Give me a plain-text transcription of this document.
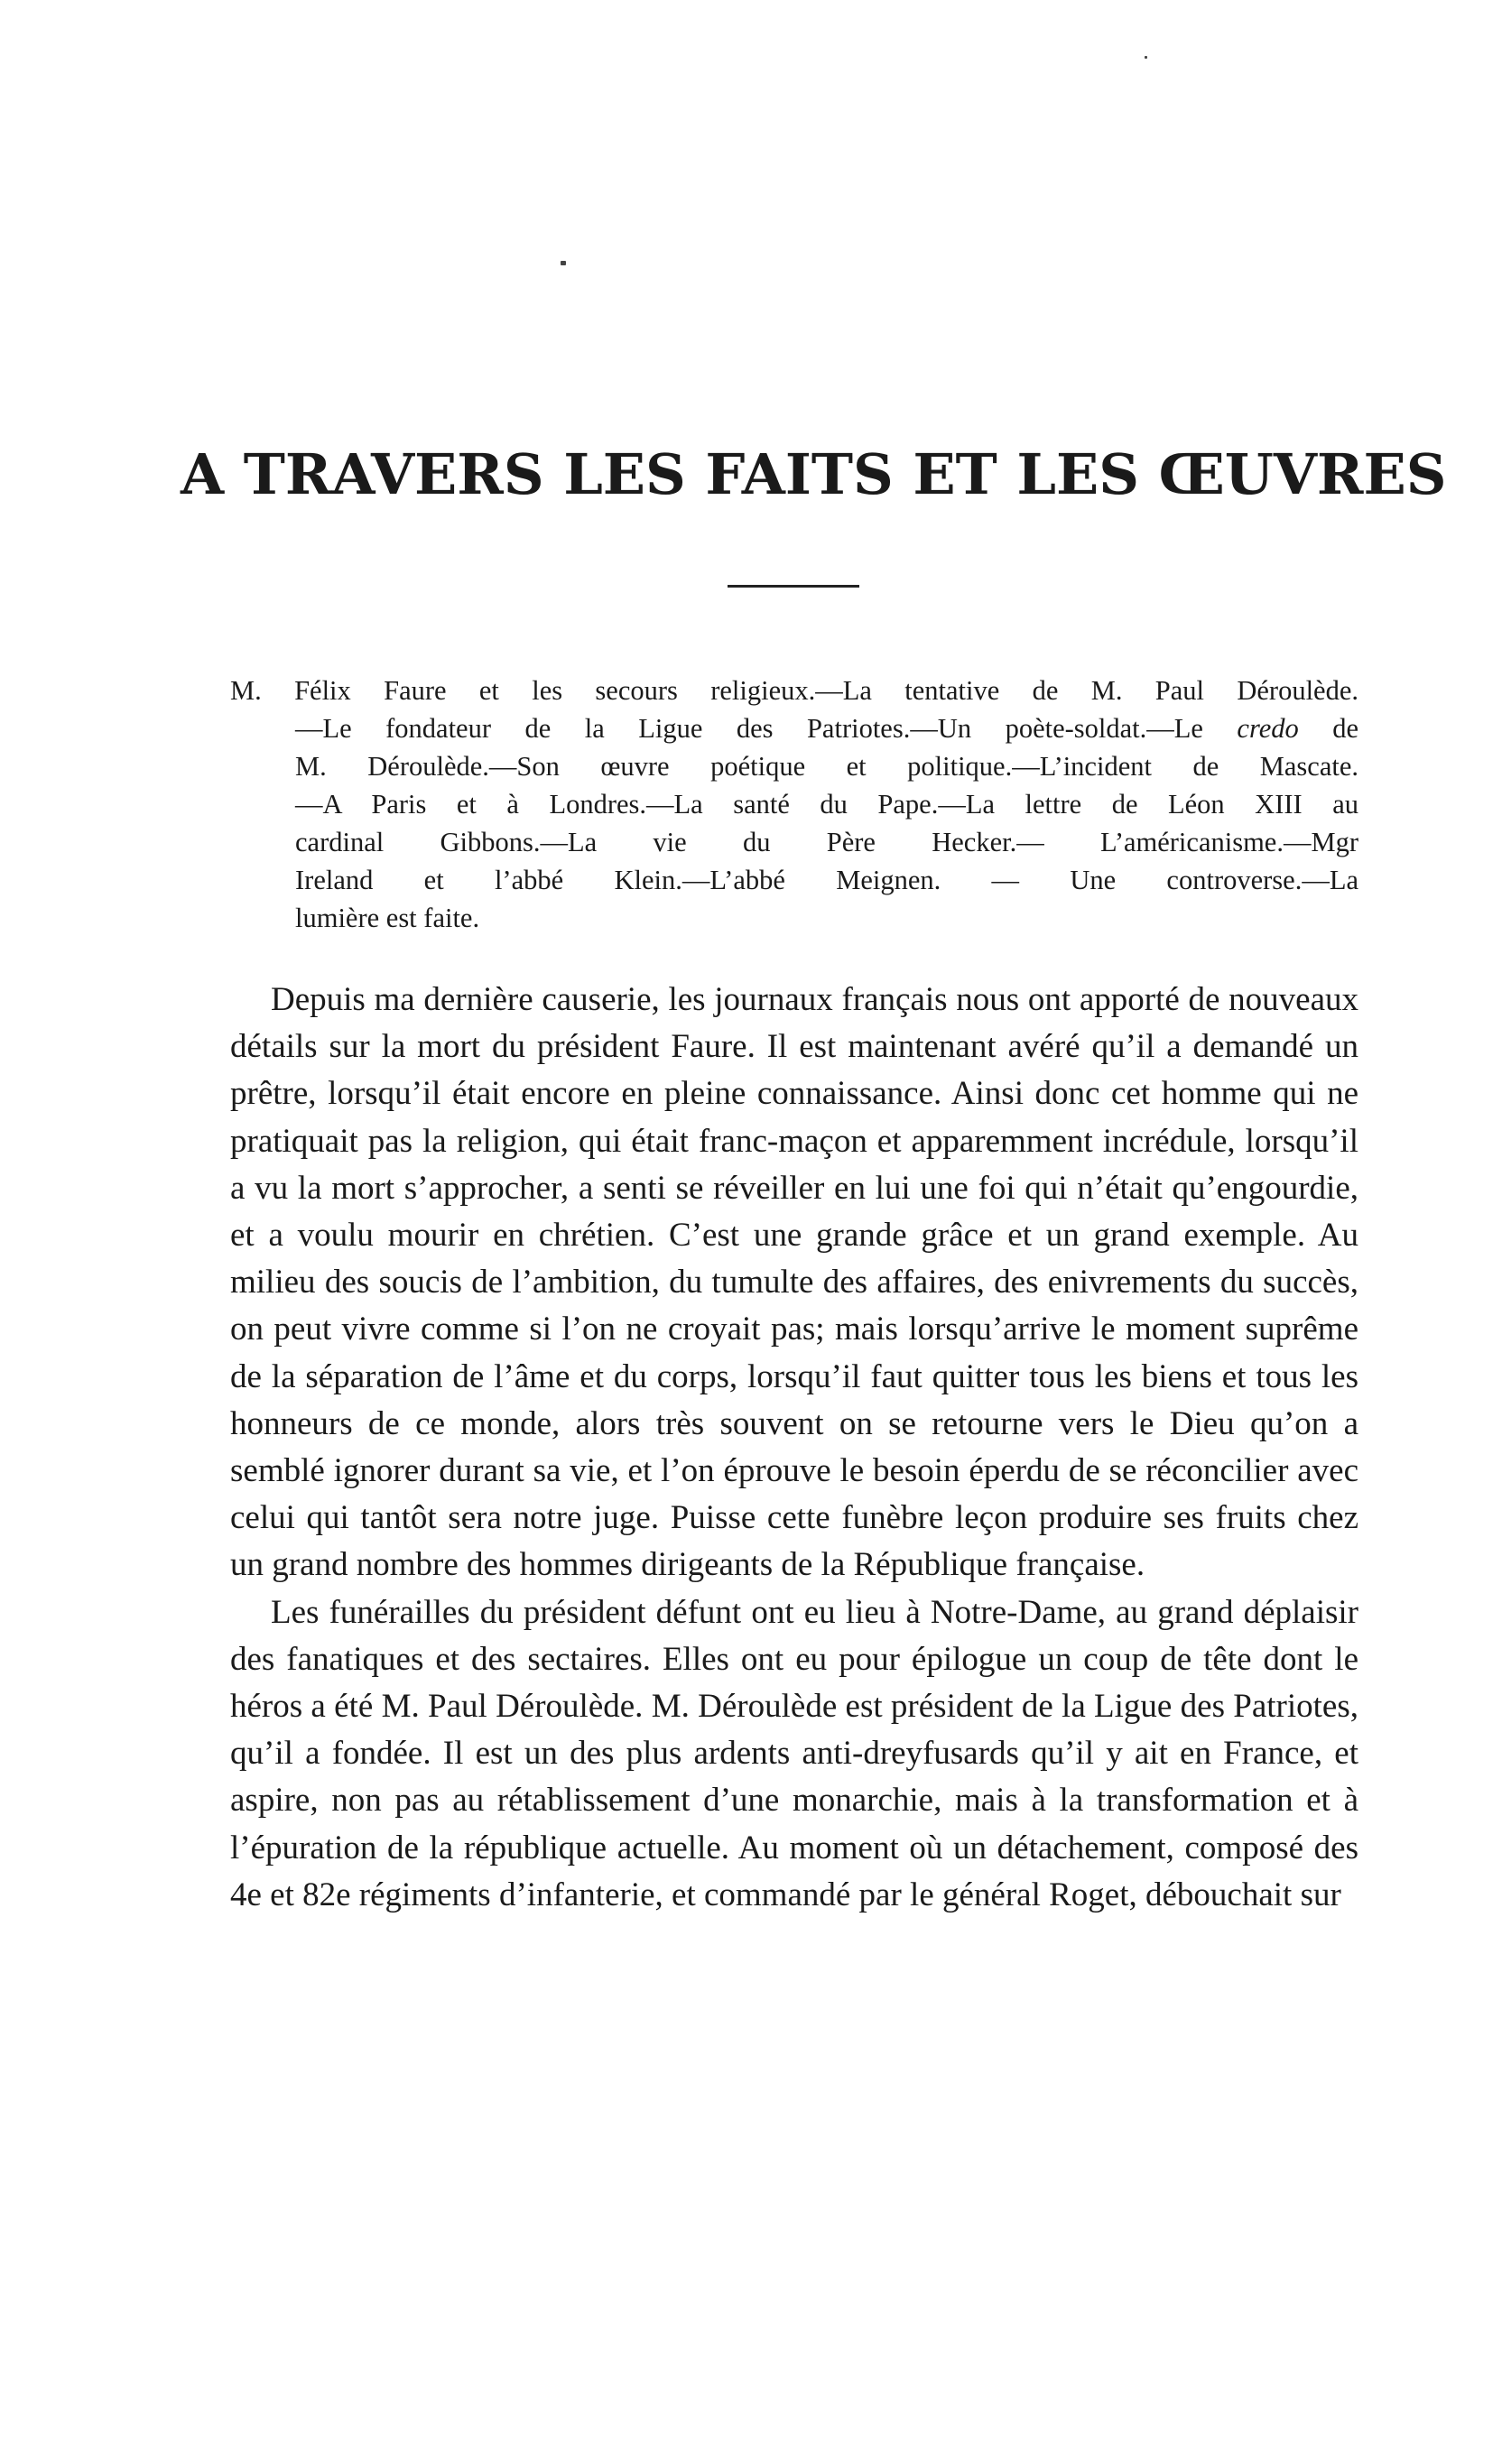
A TRAVERS LES FAITS ET LES ŒUVRES
M. Félix Faure et les secours religieux.—La tentative de M. Paul Déroulède.
—Le fondateur de la Ligue des Patriotes.—Un poète-soldat.—Le credo de
M. Déroulède.—Son œuvre poétique et politique.—L’incident de Mascate.
—A Paris et à Londres.—La santé du Pape.—La lettre de Léon XIII au
cardinal Gibbons.—La vie du Père Hecker.— L’américanisme.—Mgr
Ireland et l’abbé Klein.—L’abbé Meignen. — Une controverse.—La
lumière est faite.

Depuis ma dernière causerie, les journaux français nous ont apporté de nouveaux détails sur la mort du président Faure. Il est maintenant avéré qu’il a demandé un prêtre, lorsqu’il était encore en pleine connaissance. Ainsi donc cet homme qui ne pratiquait pas la religion, qui était franc-maçon et apparemment incrédule, lorsqu’il a vu la mort s’approcher, a senti se réveiller en lui une foi qui n’était qu’engourdie, et a voulu mourir en chrétien. C’est une grande grâce et un grand exemple. Au milieu des soucis de l’ambition, du tumulte des affaires, des enivrements du succès, on peut vivre comme si l’on ne croyait pas; mais lorsqu’arrive le moment suprême de la séparation de l’âme et du corps, lorsqu’il faut quitter tous les biens et tous les honneurs de ce monde, alors très souvent on se retourne vers le Dieu qu’on a semblé ignorer durant sa vie, et l’on éprouve le besoin éperdu de se réconcilier avec celui qui tantôt sera notre juge. Puisse cette funèbre leçon produire ses fruits chez un grand nombre des hommes dirigeants de la République française.

Les funérailles du président défunt ont eu lieu à Notre-Dame, au grand déplaisir des fanatiques et des sectaires. Elles ont eu pour épilogue un coup de tête dont le héros a été M. Paul Déroulède. M. Déroulède est président de la Ligue des Patriotes, qu’il a fondée. Il est un des plus ardents anti-dreyfusards qu’il y ait en France, et aspire, non pas au rétablissement d’une monarchie, mais à la transformation et à l’épuration de la république actuelle. Au moment où un détachement, composé des 4e et 82e régiments d’infanterie, et commandé par le général Roget, débouchait sur
